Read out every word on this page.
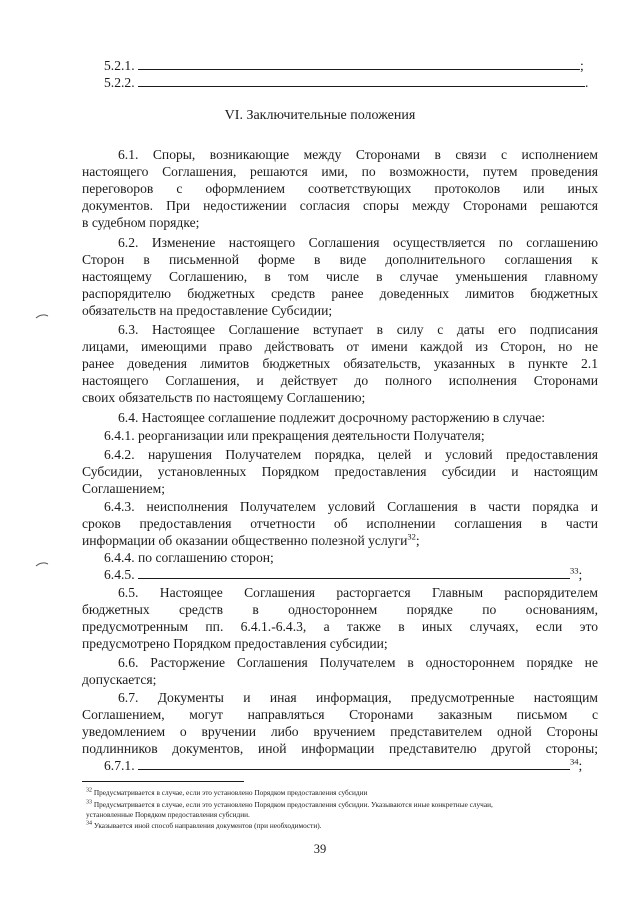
5.2.1.	;
5.2.2.	.
VI. Заключительные положения
6.1. Споры, возникающие между Сторонами в связи с исполнением
настоящего Соглашения, решаются ими, по возможности, путем проведения
переговоров с оформлением соответствующих протоколов или иных
документов. При недостижении согласия споры между Сторонами решаются
в судебном порядке;
6.2. Изменение настоящего Соглашения осуществляется по соглашению
Сторон в письменной форме в виде дополнительного соглашения к
настоящему Соглашению, в том числе в случае уменьшения главному
распорядителю бюджетных средств ранее доведенных лимитов бюджетных
обязательств на предоставление Субсидии;
6.3. Настоящее Соглашение вступает в силу с даты его подписания
лицами, имеющими право действовать от имени каждой из Сторон, но не
ранее доведения лимитов бюджетных обязательств, указанных в пункте 2.1
настоящего Соглашения, и действует до полного исполнения Сторонами
своих обязательств по настоящему Соглашению;
6.4. Настоящее соглашение подлежит досрочному расторжению в случае:
6.4.1. реорганизации или прекращения деятельности Получателя;
6.4.2. нарушения Получателем порядка, целей и условий предоставления
Субсидии, установленных Порядком предоставления субсидии и настоящим
Соглашением;
6.4.3. неисполнения Получателем условий Соглашения в части порядка и
сроков предоставления отчетности об исполнении соглашения в части
информации об оказании общественно полезной услуги$^{32}$;
6.4.4. по соглашению сторон;
6.4.5.	$^{33}$;
6.5. Настоящее Соглашения расторгается Главным распорядителем
бюджетных средств в одностороннем порядке по основаниям,
предусмотренным пп. 6.4.1.-6.4.3, а также в иных случаях, если это
предусмотрено Порядком предоставления субсидии;
6.6. Расторжение Соглашения Получателем в одностороннем порядке не
допускается;
6.7. Документы и иная информация, предусмотренные настоящим
Соглашением, могут направляться Сторонами заказным письмом с
уведомлением о вручении либо вручением представителем одной Стороны
подлинников документов, иной информации представителю другой стороны;
6.7.1.	$^{34}$;
$^{32}$ Предусматривается в случае, если это установлено Порядком предоставления субсидии
$^{33}$ Предусматривается в случае, если это установлено Порядком предоставления субсидии. Указываются иные конкретные случаи,
установленные Порядком предоставления субсидии.
$^{34}$ Указывается иной способ направления документов (при необходимости).
39
